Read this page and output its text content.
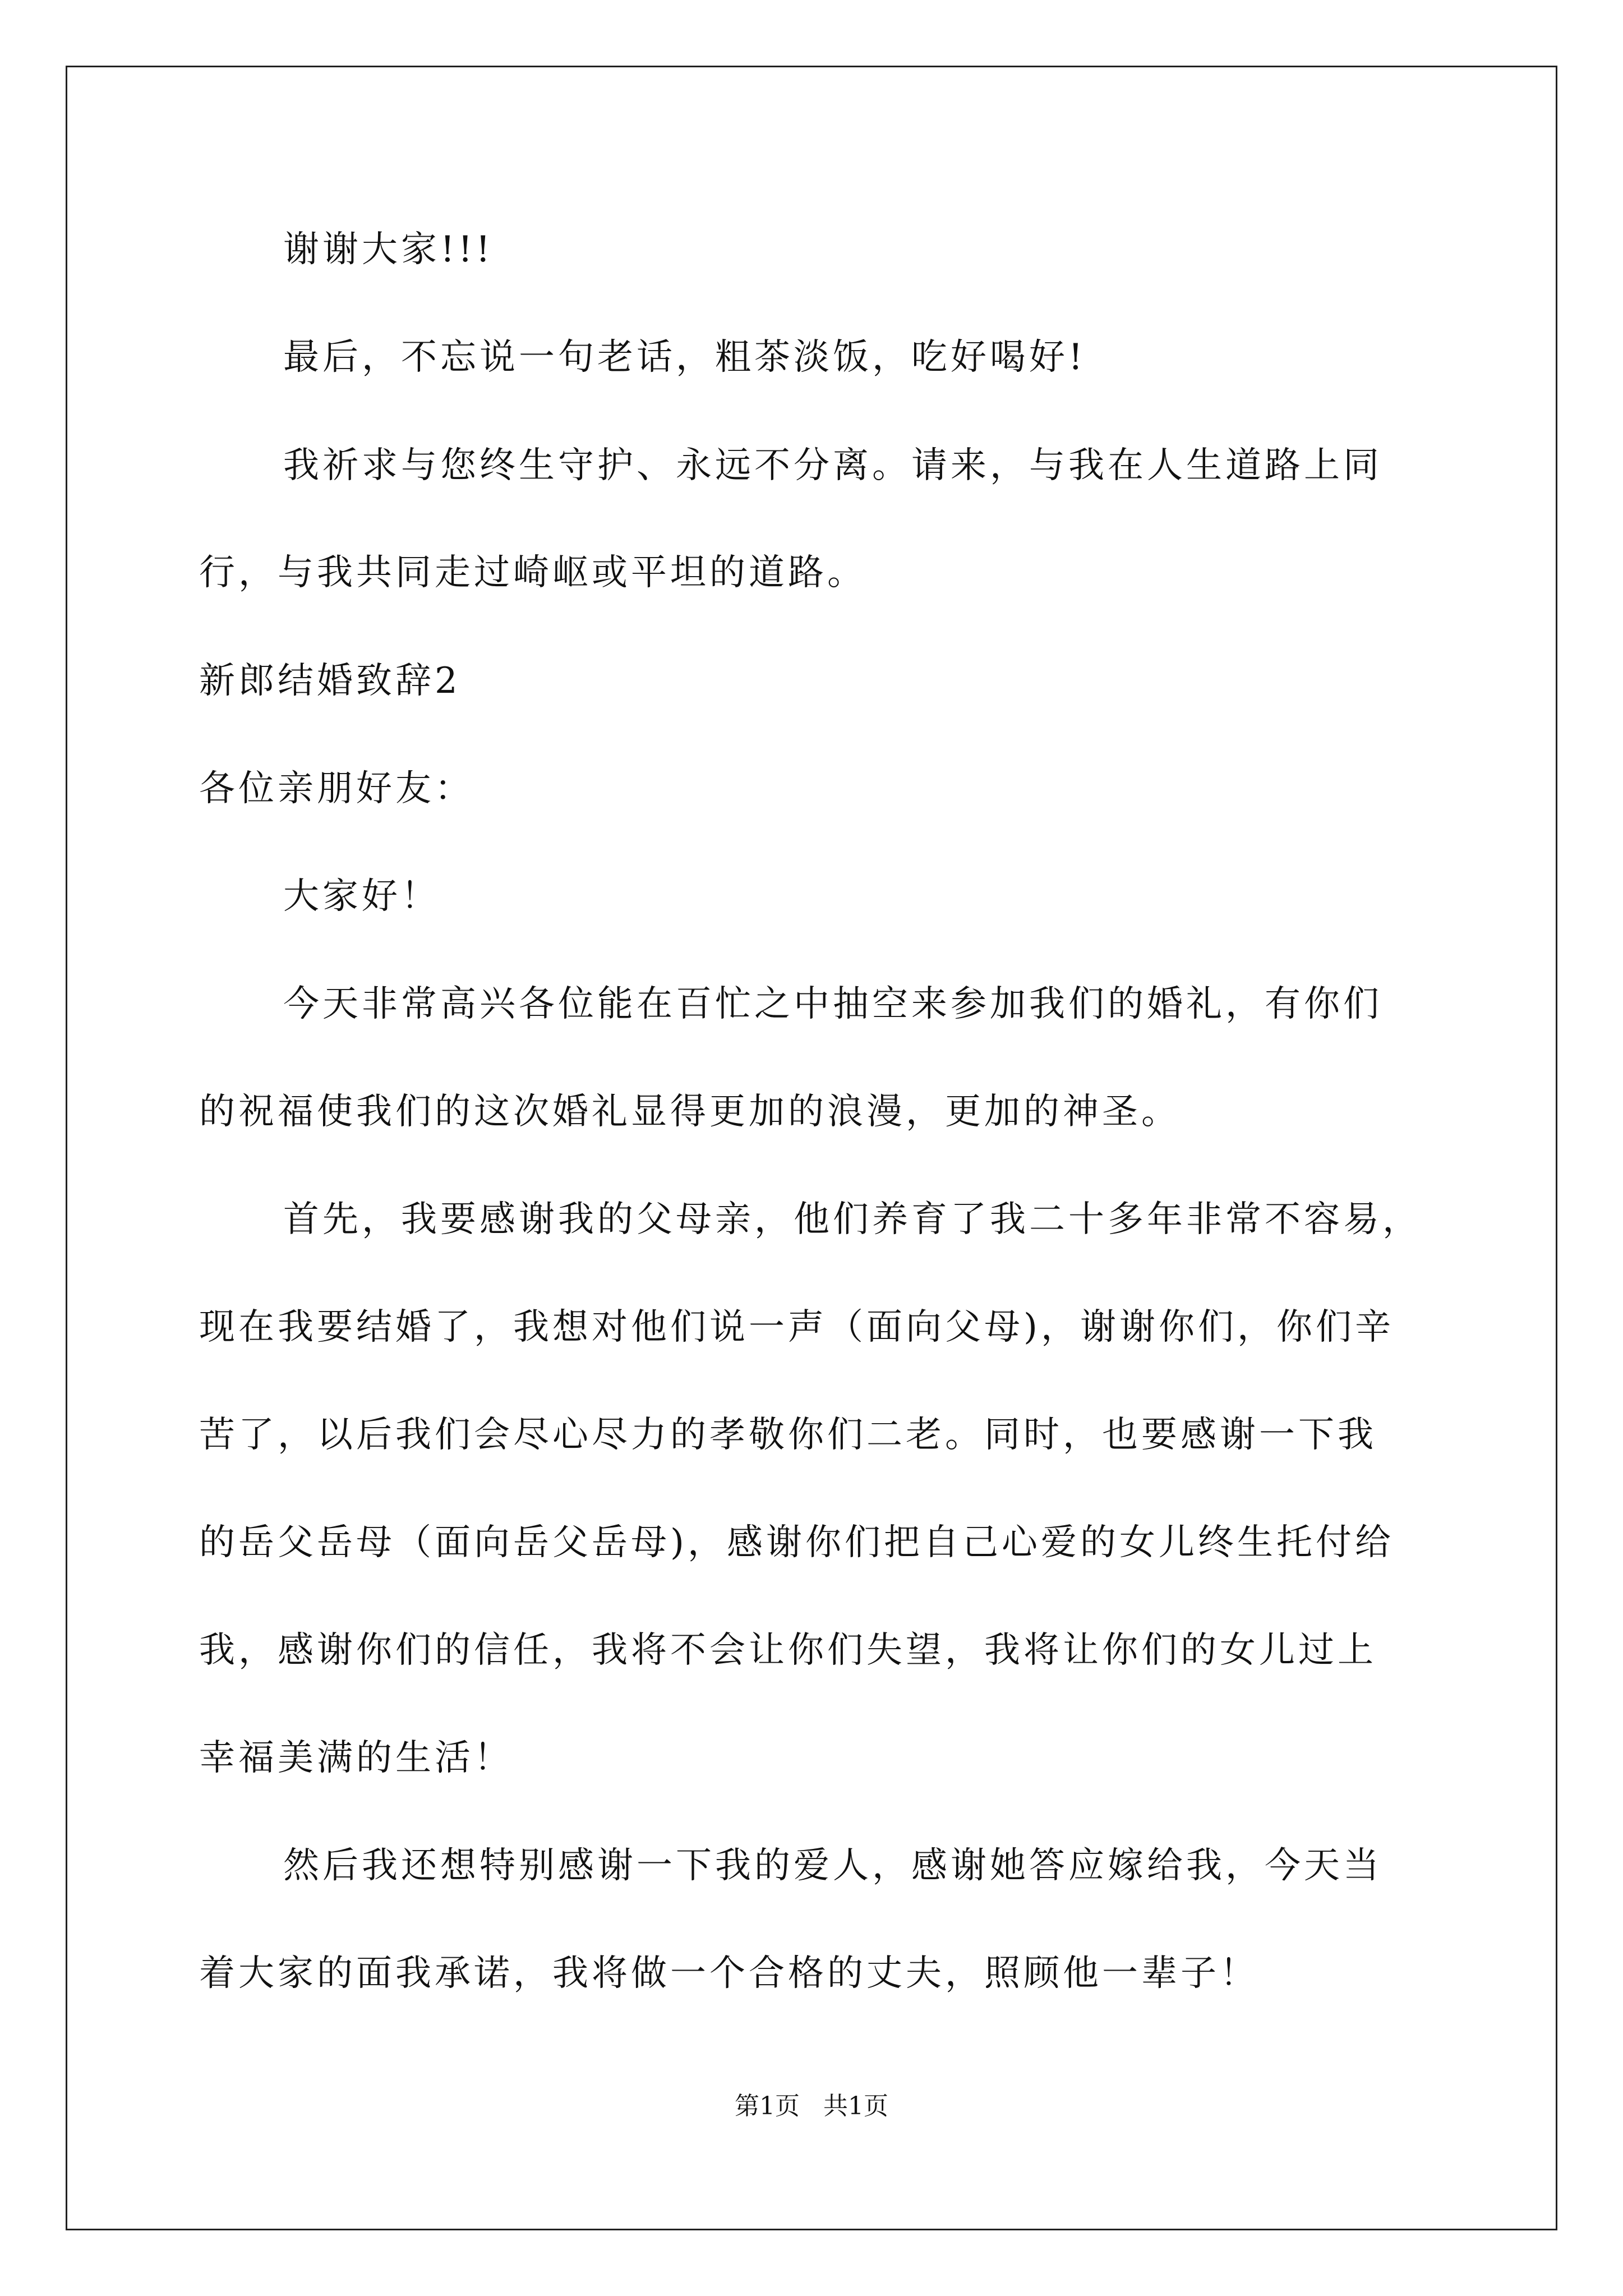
谢谢大家!!!
最后，不忘说一句老话，粗茶淡饭，吃好喝好!
我祈求与您终生守护、永远不分离。请来，与我在人生道路上同
行，与我共同走过崎岖或平坦的道路。
新郎结婚致辞2
各位亲朋好友：
大家好！
今天非常高兴各位能在百忙之中抽空来参加我们的婚礼，有你们
的祝福使我们的这次婚礼显得更加的浪漫，更加的神圣。
首先，我要感谢我的父母亲，他们养育了我二十多年非常不容易，
现在我要结婚了，我想对他们说一声（面向父母)，谢谢你们，你们辛
苦了，以后我们会尽心尽力的孝敬你们二老。同时，也要感谢一下我
的岳父岳母（面向岳父岳母)，感谢你们把自己心爱的女儿终生托付给
我，感谢你们的信任，我将不会让你们失望，我将让你们的女儿过上
幸福美满的生活！
然后我还想特别感谢一下我的爱人，感谢她答应嫁给我，今天当
着大家的面我承诺，我将做一个合格的丈夫，照顾他一辈子！
第1页   共1页
